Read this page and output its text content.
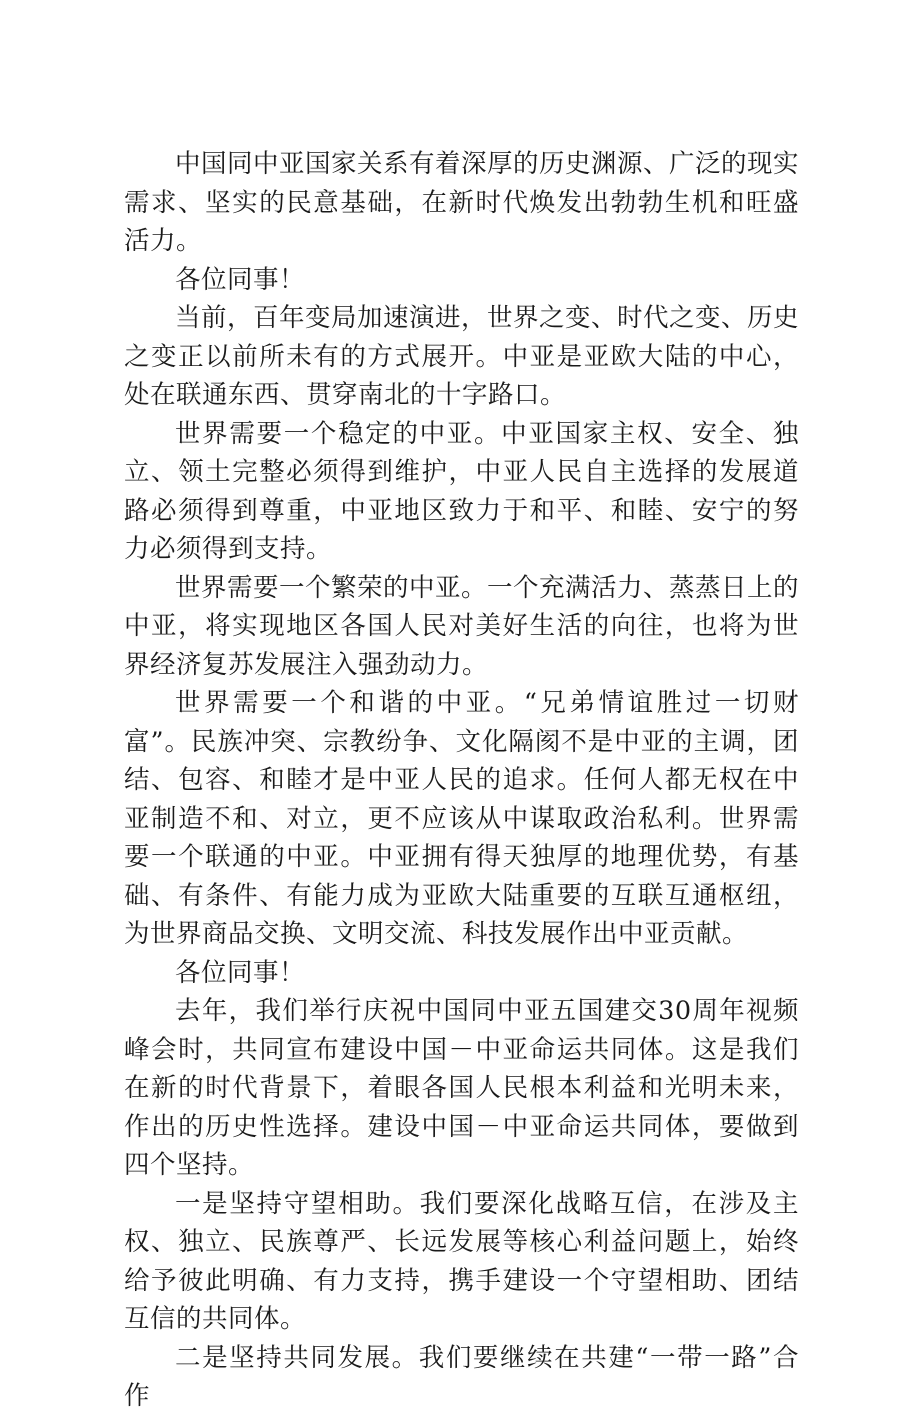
中国同中亚国家关系有着深厚的历史渊源、广泛的现实需求、坚实的民意基础，在新时代焕发出勃勃生机和旺盛活力。

各位同事！

当前，百年变局加速演进，世界之变、时代之变、历史之变正以前所未有的方式展开。中亚是亚欧大陆的中心，处在联通东西、贯穿南北的十字路口。

世界需要一个稳定的中亚。中亚国家主权、安全、独立、领土完整必须得到维护，中亚人民自主选择的发展道路必须得到尊重，中亚地区致力于和平、和睦、安宁的努力必须得到支持。

世界需要一个繁荣的中亚。一个充满活力、蒸蒸日上的中亚，将实现地区各国人民对美好生活的向往，也将为世界经济复苏发展注入强劲动力。

世界需要一个和谐的中亚。“兄弟情谊胜过一切财富”。民族冲突、宗教纷争、文化隔阂不是中亚的主调，团结、包容、和睦才是中亚人民的追求。任何人都无权在中亚制造不和、对立，更不应该从中谋取政治私利。世界需要一个联通的中亚。中亚拥有得天独厚的地理优势，有基础、有条件、有能力成为亚欧大陆重要的互联互通枢纽，为世界商品交换、文明交流、科技发展作出中亚贡献。

各位同事！

去年，我们举行庆祝中国同中亚五国建交30周年视频峰会时，共同宣布建设中国－中亚命运共同体。这是我们在新的时代背景下，着眼各国人民根本利益和光明未来，作出的历史性选择。建设中国－中亚命运共同体，要做到四个坚持。

一是坚持守望相助。我们要深化战略互信，在涉及主权、独立、民族尊严、长远发展等核心利益问题上，始终给予彼此明确、有力支持，携手建设一个守望相助、团结互信的共同体。

二是坚持共同发展。我们要继续在共建“一带一路”合作
